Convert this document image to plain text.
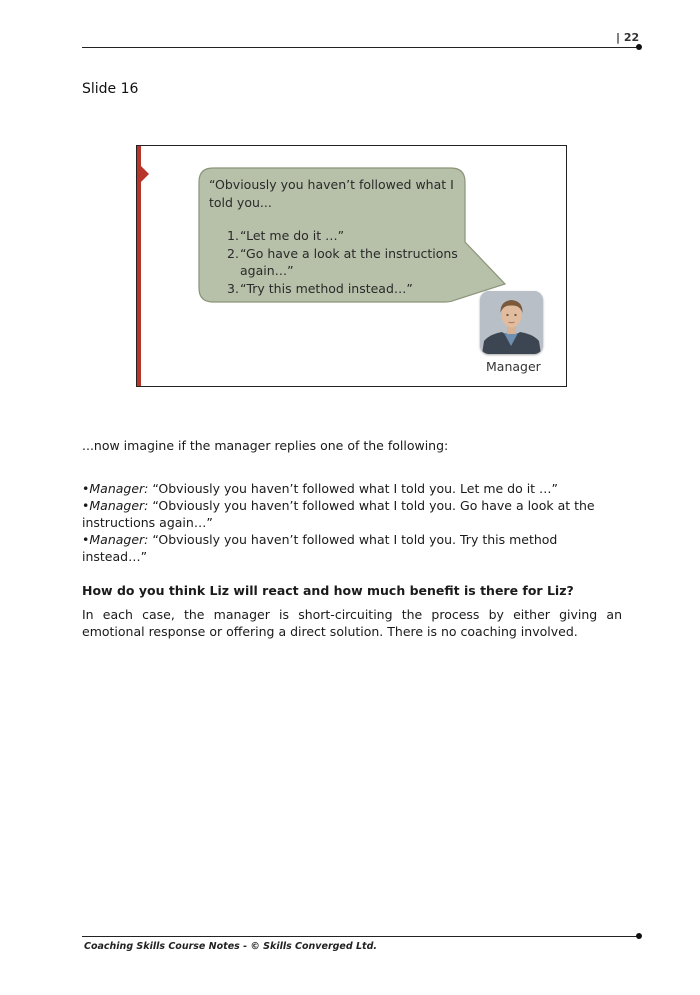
| 22
Slide 16

“Obviously you haven’t followed what I told you...

1. “Let me do it …”
2. “Go have a look at the instructions again…”
3. “Try this method instead…”
Manager
...now imagine if the manager replies one of the following:

•Manager: “Obviously you haven’t followed what I told you. Let me do it …”

•Manager: “Obviously you haven’t followed what I told you. Go have a look at the instructions again…”

•Manager: “Obviously you haven’t followed what I told you. Try this method instead…”

How do you think Liz will react and how much benefit is there for Liz?
In each case, the manager is short-circuiting the process by either giving an emotional response or offering a direct solution. There is no coaching involved.
Coaching Skills Course Notes - © Skills Converged Ltd.
